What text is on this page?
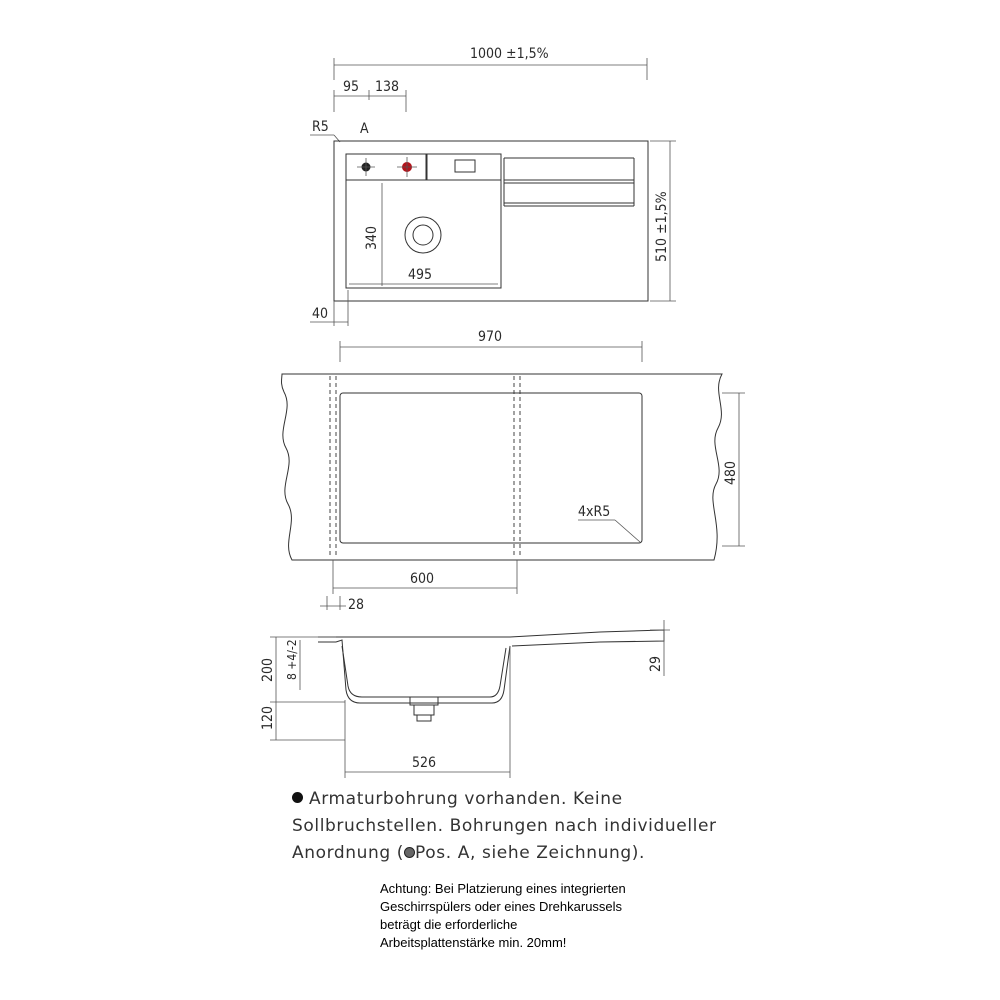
1000 ±1,5%
95 138
R5 A
340
495
510 ±1,5%
40
970
4xR5
480
600
28
200 8 +4/-2
120
29
526
Armaturbohrung vorhanden. Keine
Sollbruchstellen. Bohrungen nach individueller
Anordnung ( Pos. A, siehe Zeichnung).
Achtung: Bei Platzierung eines integrierten
Geschirrspülers oder eines Drehkarussels
beträgt die erforderliche
Arbeitsplattenstärke min. 20mm!
